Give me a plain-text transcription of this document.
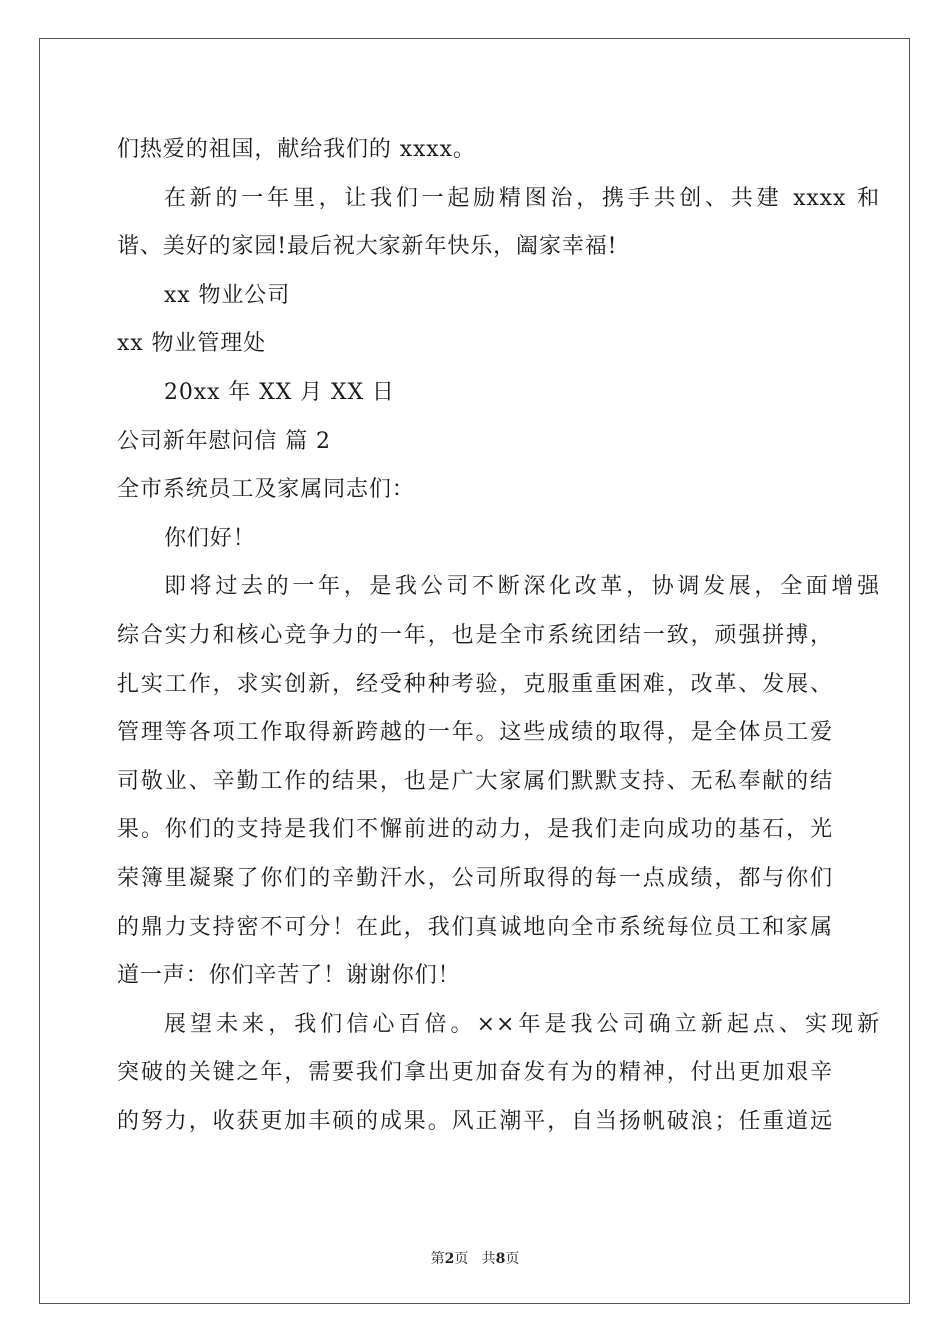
们热爱的祖国，献给我们的 xxxx。
在新的一年里，让我们一起励精图治，携手共创、共建 xxxx 和
谐、美好的家园!最后祝大家新年快乐，阖家幸福!
xx 物业公司
xx 物业管理处
20xx 年 XX 月 XX 日
公司新年慰问信 篇 2
全市系统员工及家属同志们：
你们好！
即将过去的一年，是我公司不断深化改革，协调发展，全面增强
综合实力和核心竞争力的一年，也是全市系统团结一致，顽强拼搏，
扎实工作，求实创新，经受种种考验，克服重重困难，改革、发展、
管理等各项工作取得新跨越的一年。这些成绩的取得，是全体员工爱
司敬业、辛勤工作的结果，也是广大家属们默默支持、无私奉献的结
果。你们的支持是我们不懈前进的动力，是我们走向成功的基石，光
荣簿里凝聚了你们的辛勤汗水，公司所取得的每一点成绩，都与你们
的鼎力支持密不可分！在此，我们真诚地向全市系统每位员工和家属
道一声：你们辛苦了！谢谢你们！
展望未来，我们信心百倍。××年是我公司确立新起点、实现新
突破的关键之年，需要我们拿出更加奋发有为的精神，付出更加艰辛
的努力，收获更加丰硕的成果。风正潮平，自当扬帆破浪；任重道远
第2页 共8页
